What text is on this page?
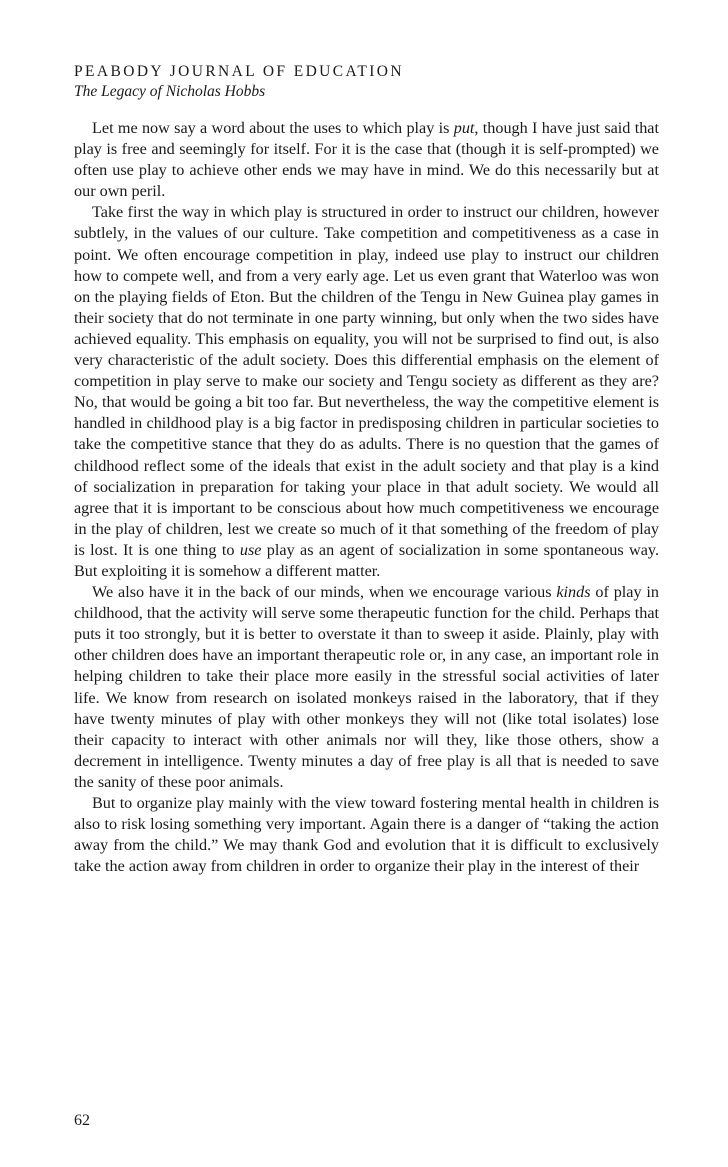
PEABODY JOURNAL OF EDUCATION

The Legacy of Nicholas Hobbs

Let me now say a word about the uses to which play is put, though I have just said that play is free and seemingly for itself. For it is the case that (though it is self-prompted) we often use play to achieve other ends we may have in mind. We do this necessarily but at our own peril.

Take first the way in which play is structured in order to instruct our children, however subtlely, in the values of our culture. Take competition and competitiveness as a case in point. We often encourage competition in play, indeed use play to instruct our children how to compete well, and from a very early age. Let us even grant that Waterloo was won on the playing fields of Eton. But the children of the Tengu in New Guinea play games in their society that do not terminate in one party winning, but only when the two sides have achieved equality. This emphasis on equality, you will not be surprised to find out, is also very characteristic of the adult society. Does this differential emphasis on the element of competition in play serve to make our society and Tengu society as different as they are? No, that would be going a bit too far. But nevertheless, the way the competitive element is handled in childhood play is a big factor in predisposing children in particular societies to take the competitive stance that they do as adults. There is no question that the games of childhood reflect some of the ideals that exist in the adult society and that play is a kind of socialization in preparation for taking your place in that adult society. We would all agree that it is important to be conscious about how much competitiveness we encourage in the play of children, lest we create so much of it that something of the freedom of play is lost. It is one thing to use play as an agent of socialization in some spontaneous way. But exploiting it is somehow a different matter.

We also have it in the back of our minds, when we encourage various kinds of play in childhood, that the activity will serve some therapeutic function for the child. Perhaps that puts it too strongly, but it is better to overstate it than to sweep it aside. Plainly, play with other children does have an important therapeutic role or, in any case, an important role in helping children to take their place more easily in the stressful social activities of later life. We know from research on isolated monkeys raised in the laboratory, that if they have twenty minutes of play with other monkeys they will not (like total isolates) lose their capacity to interact with other animals nor will they, like those others, show a decrement in intelligence. Twenty minutes a day of free play is all that is needed to save the sanity of these poor animals.

But to organize play mainly with the view toward fostering mental health in children is also to risk losing something very important. Again there is a danger of “taking the action away from the child.” We may thank God and evolution that it is difficult to exclusively take the action away from children in order to organize their play in the interest of their

62
